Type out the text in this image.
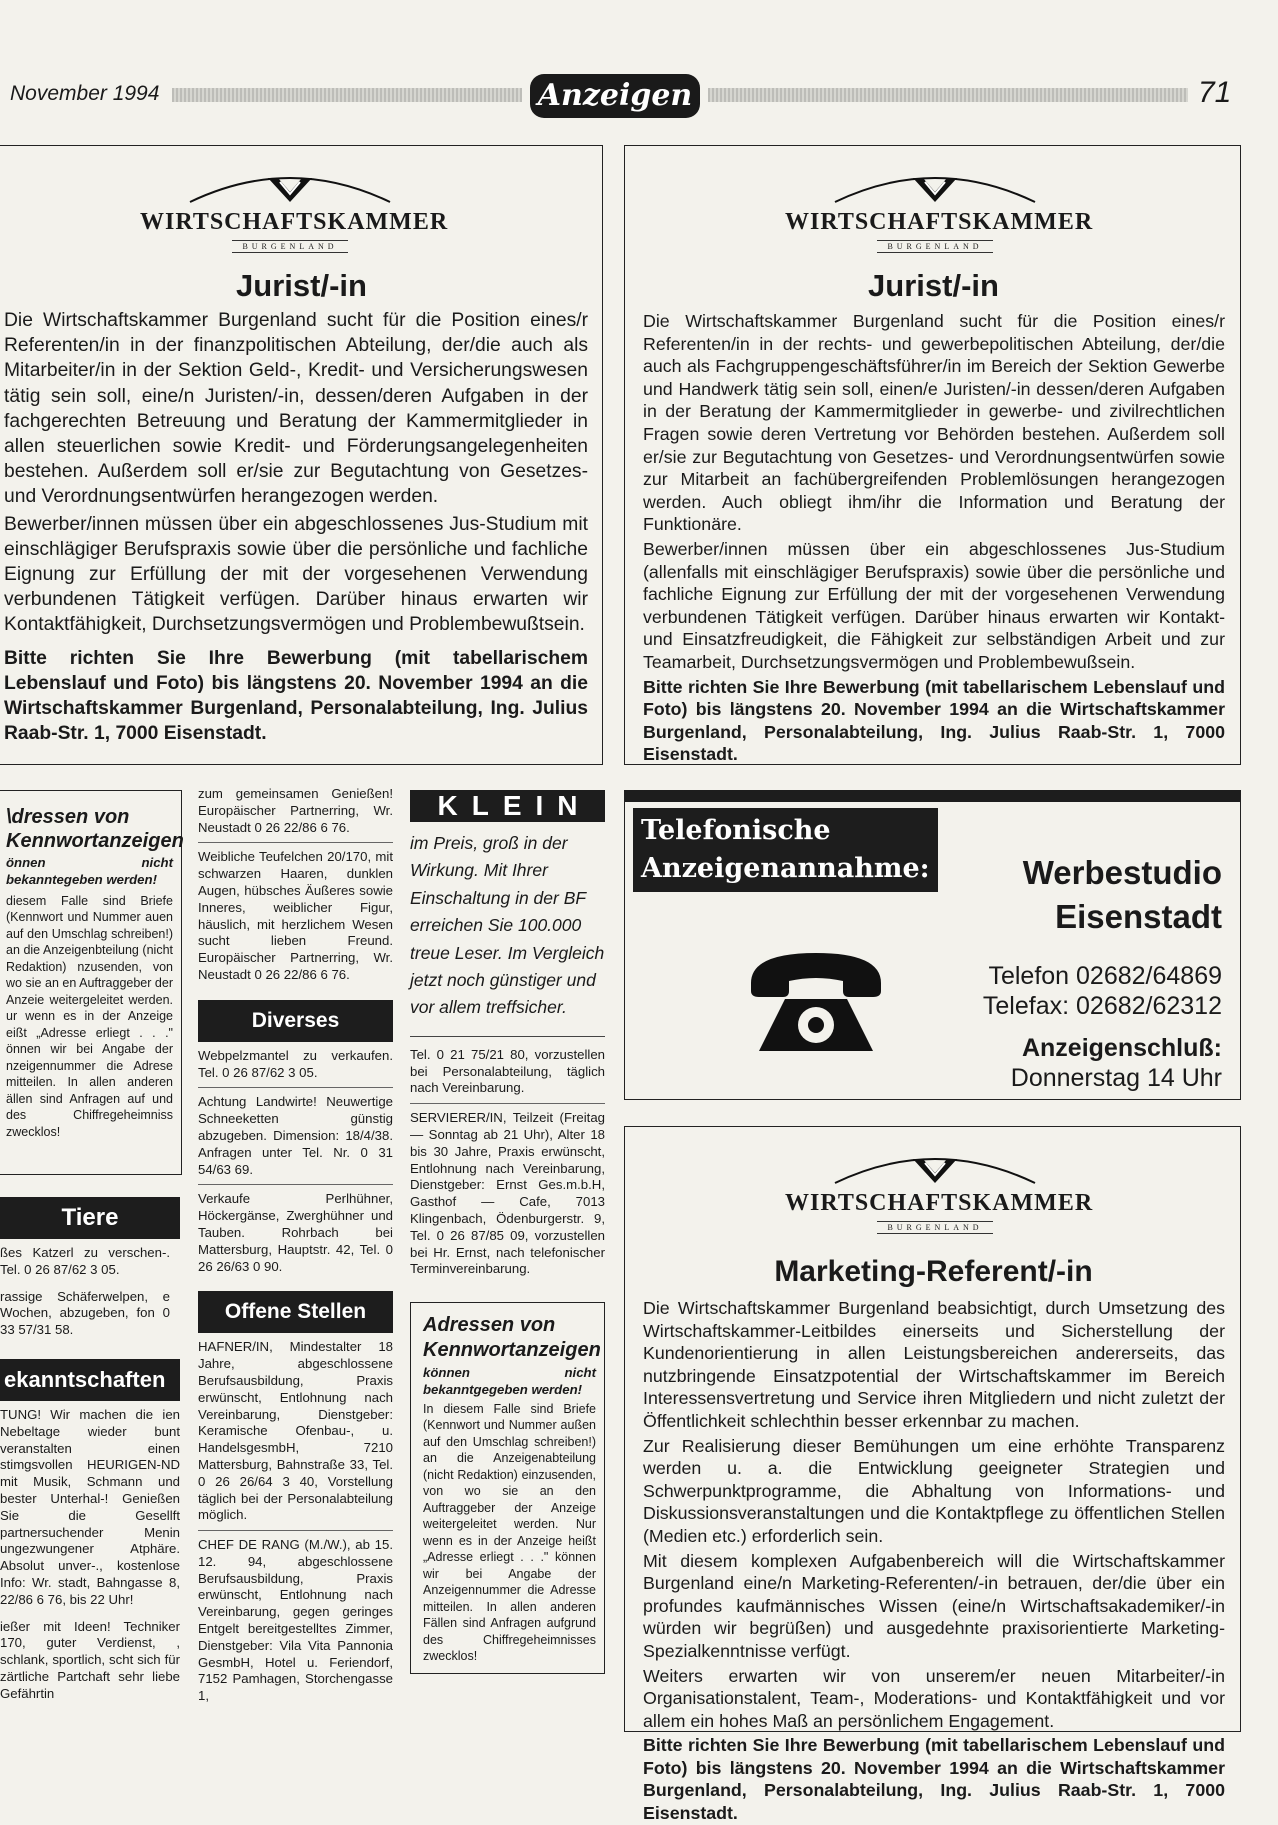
November 1994	Anzeigen	71
WIRTSCHAFTSKAMMER
BURGENLAND
Jurist/-in

Die Wirtschaftskammer Burgenland sucht für die Position eines/r Referenten/in in der finanzpolitischen Abteilung, der/die auch als Mitarbeiter/in in der Sektion Geld-, Kredit- und Versicherungswesen tätig sein soll, eine/n Juristen/-in, dessen/deren Aufgaben in der fachgerechten Betreuung und Beratung der Kammermitglieder in allen steuerlichen sowie Kredit- und Förderungsangelegenheiten bestehen. Außerdem soll er/sie zur Begutachtung von Gesetzes- und Verordnungsentwürfen herangezogen werden.

Bewerber/innen müssen über ein abgeschlossenes Jus-Studium mit einschlägiger Berufspraxis sowie über die persönliche und fachliche Eignung zur Erfüllung der mit der vorgesehenen Verwendung verbundenen Tätigkeit verfügen. Darüber hinaus erwarten wir Kontaktfähigkeit, Durchsetzungsvermögen und Problembewußtsein.

Bitte richten Sie Ihre Bewerbung (mit tabellarischem Lebenslauf und Foto) bis längstens 20. November 1994 an die Wirtschaftskammer Burgenland, Personalabteilung, Ing. Julius Raab-Str. 1, 7000 Eisenstadt.

WIRTSCHAFTSKAMMER
BURGENLAND
Jurist/-in

Die Wirtschaftskammer Burgenland sucht für die Position eines/r Referenten/in in der rechts- und gewerbepolitischen Abteilung, der/die auch als Fachgruppengeschäftsführer/in im Bereich der Sektion Gewerbe und Handwerk tätig sein soll, einen/e Juristen/-in dessen/deren Aufgaben in der Beratung der Kammermitglieder in gewerbe- und zivilrechtlichen Fragen sowie deren Vertretung vor Behörden bestehen. Außerdem soll er/sie zur Begutachtung von Gesetzes- und Verordnungsentwürfen sowie zur Mitarbeit an fachübergreifenden Problemlösungen herangezogen werden. Auch obliegt ihm/ihr die Information und Beratung der Funktionäre.

Bewerber/innen müssen über ein abgeschlossenes Jus-Studium (allenfalls mit einschlägiger Berufspraxis) sowie über die persönliche und fachliche Eignung zur Erfüllung der mit der vorgesehenen Verwendung verbundenen Tätigkeit verfügen. Darüber hinaus erwarten wir Kontakt- und Einsatzfreudigkeit, die Fähigkeit zur selbständigen Arbeit und zur Teamarbeit, Durchsetzungsvermögen und Problembewußsein.

Bitte richten Sie Ihre Bewerbung (mit tabellarischem Lebenslauf und Foto) bis längstens 20. November 1994 an die Wirtschaftskammer Burgenland, Personalabteilung, Ing. Julius Raab-Str. 1, 7000 Eisenstadt.

\dressen von
Kennwortanzeigen
önnen nicht bekanntegeben werden!
diesem Falle sind Briefe (Kennwort und Nummer auen auf den Umschlag schreiben!) an die Anzeigenbteilung (nicht Redaktion) nzusenden, von wo sie an en Auftraggeber der Anzeie weitergeleitet werden. ur wenn es in der Anzeige eißt „Adresse erliegt . . ." önnen wir bei Angabe der nzeigennummer die Adrese mitteilen. In allen anderen ällen sind Anfragen auf und des Chiffregeheimniss zwecklos!
Tiere
ßes Katzerl zu verschen-. Tel. 0 26 87/62 3 05.
rassige Schäferwelpen, e Wochen, abzugeben, fon 0 33 57/31 58.
ekanntschaften
TUNG! Wir machen die ien Nebeltage wieder bunt veranstalten einen stimgsvollen HEURIGEN-ND mit Musik, Schmann und bester Unterhal-! Genießen Sie die Gesellft partnersuchender Menin ungezwungener Atphäre. Absolut unver-., kostenlose Info: Wr. stadt, Bahngasse 8, 22/86 6 76, bis 22 Uhr!
ießer mit Ideen! Techniker 170, guter Verdienst, , schlank, sportlich, scht sich für zärtliche Partchaft sehr liebe Gefährtin
zum gemeinsamen Genießen! Europäischer Partnerring, Wr. Neustadt 0 26 22/86 6 76.
Weibliche Teufelchen 20/170, mit schwarzen Haaren, dunklen Augen, hübsches Äußeres sowie Inneres, weiblicher Figur, häuslich, mit herzlichem Wesen sucht lieben Freund. Europäischer Partnerring, Wr. Neustadt 0 26 22/86 6 76.
Diverses
Webpelzmantel zu verkaufen. Tel. 0 26 87/62 3 05.
Achtung Landwirte! Neuwertige Schneeketten günstig abzugeben. Dimension: 18/4/38. Anfragen unter Tel. Nr. 0 31 54/63 69.
Verkaufe Perlhühner, Höckergänse, Zwerghühner und Tauben. Rohrbach bei Mattersburg, Hauptstr. 42, Tel. 0 26 26/63 0 90.
Offene Stellen
HAFNER/IN, Mindestalter 18 Jahre, abgeschlossene Berufsausbildung, Praxis erwünscht, Entlohnung nach Vereinbarung, Dienstgeber: Keramische Ofenbau-, u. HandelsgesmbH, 7210 Mattersburg, Bahnstraße 33, Tel. 0 26 26/64 3 40, Vorstellung täglich bei der Personalabteilung möglich.
CHEF DE RANG (M./W.), ab 15. 12. 94, abgeschlossene Berufsausbildung, Praxis erwünscht, Entlohnung nach Vereinbarung, gegen geringes Entgelt bereitgestelltes Zimmer, Dienstgeber: Vila Vita Pannonia GesmbH, Hotel u. Feriendorf, 7152 Pamhagen, Storchengasse 1,
KLEIN
im Preis, groß in der Wirkung. Mit Ihrer Einschaltung in der BF erreichen Sie 100.000 treue Leser. Im Vergleich jetzt noch günstiger und vor allem treffsicher.
Tel. 0 21 75/21 80, vorzustellen bei Personalabteilung, täglich nach Vereinbarung.
SERVIERER/IN, Teilzeit (Freitag — Sonntag ab 21 Uhr), Alter 18 bis 30 Jahre, Praxis erwünscht, Entlohnung nach Vereinbarung, Dienstgeber: Ernst Ges.m.b.H, Gasthof — Cafe, 7013 Klingenbach, Ödenburgerstr. 9, Tel. 0 26 87/85 09, vorzustellen bei Hr. Ernst, nach telefonischer Terminvereinbarung.
Adressen von
Kennwortanzeigen
können nicht bekanntgegeben werden!
In diesem Falle sind Briefe (Kennwort und Nummer außen auf den Umschlag schreiben!) an die Anzeigenabteilung (nicht Redaktion) einzusenden, von wo sie an den Auftraggeber der Anzeige weitergeleitet werden. Nur wenn es in der Anzeige heißt „Adresse erliegt . . ." können wir bei Angabe der Anzeigennummer die Adresse mitteilen. In allen anderen Fällen sind Anfragen aufgrund des Chiffregeheimnisses zwecklos!
Telefonische
Anzeigenannahme:	Werbestudio
Eisenstadt
Telefon 02682/64869
Telefax: 02682/62312
Anzeigenschluß:
Donnerstag 14 Uhr
WIRTSCHAFTSKAMMER
BURGENLAND
Marketing-Referent/-in

Die Wirtschaftskammer Burgenland beabsichtigt, durch Umsetzung des Wirtschaftskammer-Leitbildes einerseits und Sicherstellung der Kundenorientierung in allen Leistungsbereichen andererseits, das nutzbringende Einsatzpotential der Wirtschaftskammer im Bereich Interessensvertretung und Service ihren Mitgliedern und nicht zuletzt der Öffentlichkeit schlechthin besser erkennbar zu machen.

Zur Realisierung dieser Bemühungen um eine erhöhte Transparenz werden u. a. die Entwicklung geeigneter Strategien und Schwerpunktprogramme, die Abhaltung von Informations- und Diskussionsveranstaltungen und die Kontaktpflege zu öffentlichen Stellen (Medien etc.) erforderlich sein.

Mit diesem komplexen Aufgabenbereich will die Wirtschaftskammer Burgenland eine/n Marketing-Referenten/-in betrauen, der/die über ein profundes kaufmännisches Wissen (eine/n Wirtschaftsakademiker/-in würden wir begrüßen) und ausgedehnte praxisorientierte Marketing-Spezialkenntnisse verfügt.

Weiters erwarten wir von unserem/er neuen Mitarbeiter/-in Organisationstalent, Team-, Moderations- und Kontaktfähigkeit und vor allem ein hohes Maß an persönlichem Engagement.

Bitte richten Sie Ihre Bewerbung (mit tabellarischem Lebenslauf und Foto) bis längstens 20. November 1994 an die Wirtschaftskammer Burgenland, Personalabteilung, Ing. Julius Raab-Str. 1, 7000 Eisenstadt.
